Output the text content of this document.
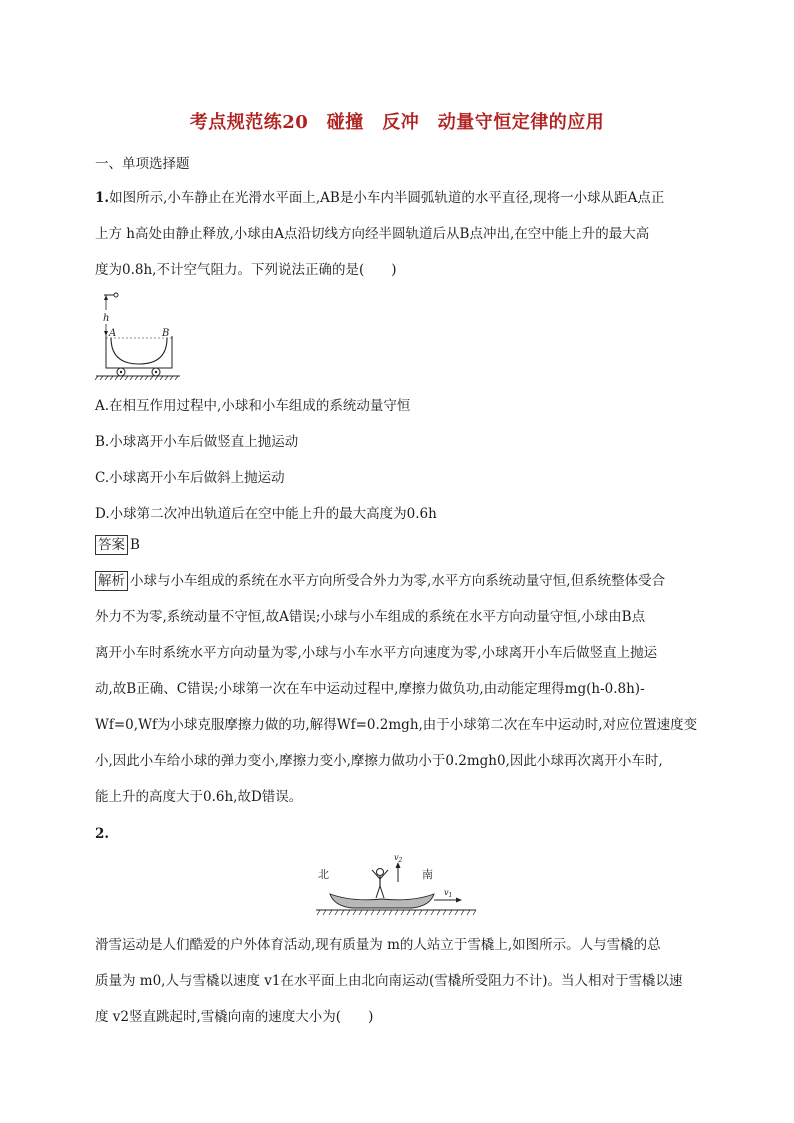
考点规范练20　碰撞　反冲　动量守恒定律的应用
一、单项选择题

1.如图所示,小车静止在光滑水平面上,AB是小车内半圆弧轨道的水平直径,现将一小球从距A点正

上方 h高处由静止释放,小球由A点沿切线方向经半圆轨道后从B点冲出,在空中能上升的最大高

度为0.8h,不计空气阻力。下列说法正确的是(　　)

h
A	B
A.在相互作用过程中,小球和小车组成的系统动量守恒
B.小球离开小车后做竖直上抛运动
C.小球离开小车后做斜上抛运动
D.小球第二次冲出轨道后在空中能上升的最大高度为0.6h
答案 B

解析 小球与小车组成的系统在水平方向所受合外力为零,水平方向系统动量守恒,但系统整体受合

外力不为零,系统动量不守恒,故A错误;小球与小车组成的系统在水平方向动量守恒,小球由B点

离开小车时系统水平方向动量为零,小球与小车水平方向速度为零,小球离开小车后做竖直上抛运

动,故B正确、C错误;小球第一次在车中运动过程中,摩擦力做负功,由动能定理得mg(h-0.8h)-

Wf=0,Wf为小球克服摩擦力做的功,解得Wf=0.2mgh,由于小球第二次在车中运动时,对应位置速度变

小,因此小车给小球的弹力变小,摩擦力变小,摩擦力做功小于0.2mgh0,因此小球再次离开小车时,

能上升的高度大于0.6h,故D错误。

2.
北	南
$v_2$
$v_1$

滑雪运动是人们酷爱的户外体育活动,现有质量为 m的人站立于雪橇上,如图所示。人与雪橇的总

质量为 m0,人与雪橇以速度 v1在水平面上由北向南运动(雪橇所受阻力不计)。当人相对于雪橇以速

度 v2竖直跳起时,雪橇向南的速度大小为(　　)
